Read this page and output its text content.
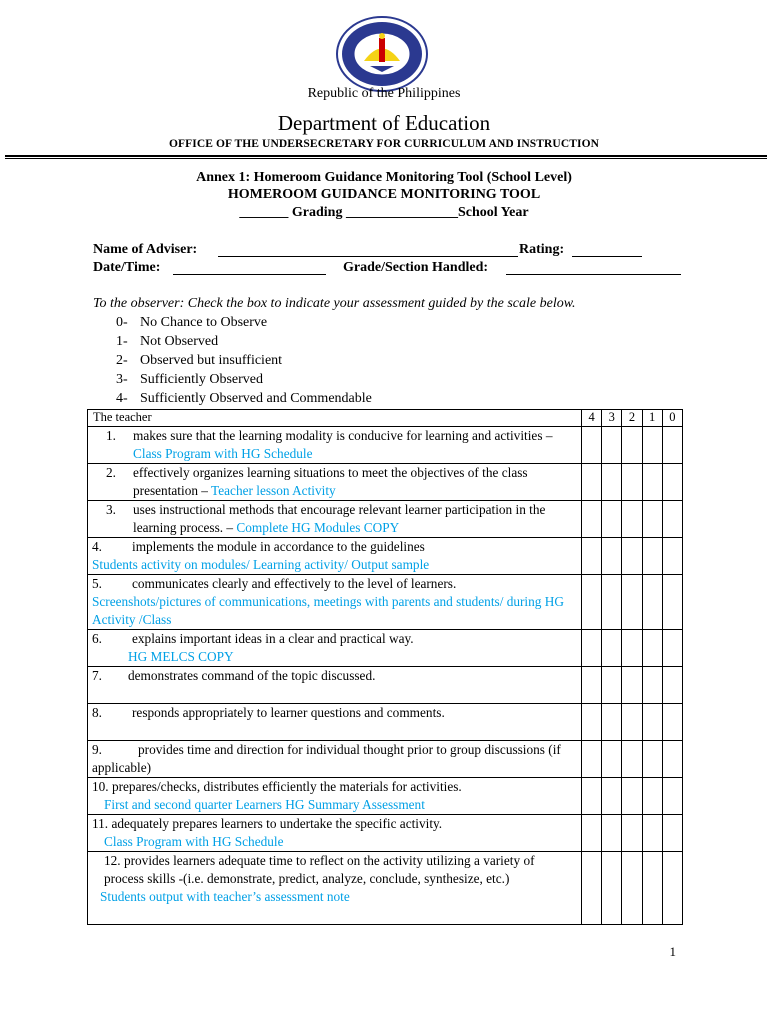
Republic of the Philippines
Department of Education
OFFICE OF THE UNDERSECRETARY FOR CURRICULUM AND INSTRUCTION
Annex 1: Homeroom Guidance Monitoring Tool (School Level)
HOMEROOM GUIDANCE MONITORING TOOL
_______ Grading ________________School Year
Name of Adviser:	Rating:
Date/Time:	Grade/Section Handled:
To the observer: Check the box to indicate your assessment guided by the scale below.
0- No Chance to Observe
1- Not Observed
2- Observed but insufficient
3- Sufficiently Observed
4- Sufficiently Observed and Commendable
The teacher	4	3	2	1	0

1. makes sure that the learning modality is conducive for learning and activities – Class Program with HG Schedule					

2. effectively organizes learning situations to meet the objectives of the class presentation – Teacher lesson Activity					

3. uses instructional methods that encourage relevant learner participation in the learning process. – Complete HG Modules COPY					

4. implements the module in accordance to the guidelines
Students activity on modules/ Learning activity/ Output sample					

5. communicates clearly and effectively to the level of learners.
Screenshots/pictures of communications, meetings with parents and students/ during HG Activity /Class					

6. explains important ideas in a clear and practical way.
HG MELCS COPY					

7. demonstrates command of the topic discussed.					

8. responds appropriately to learner questions and comments.					

9. provides time and direction for individual thought prior to group discussions (if applicable)					

10. prepares/checks, distributes efficiently the materials for activities.
First and second quarter Learners HG Summary Assessment					

11. adequately prepares learners to undertake the specific activity.
Class Program with HG Schedule					

12. provides learners adequate time to reflect on the activity utilizing a variety of process skills -(i.e. demonstrate, predict, analyze, conclude, synthesize, etc.)
Students output with teacher’s assessment note					

1
